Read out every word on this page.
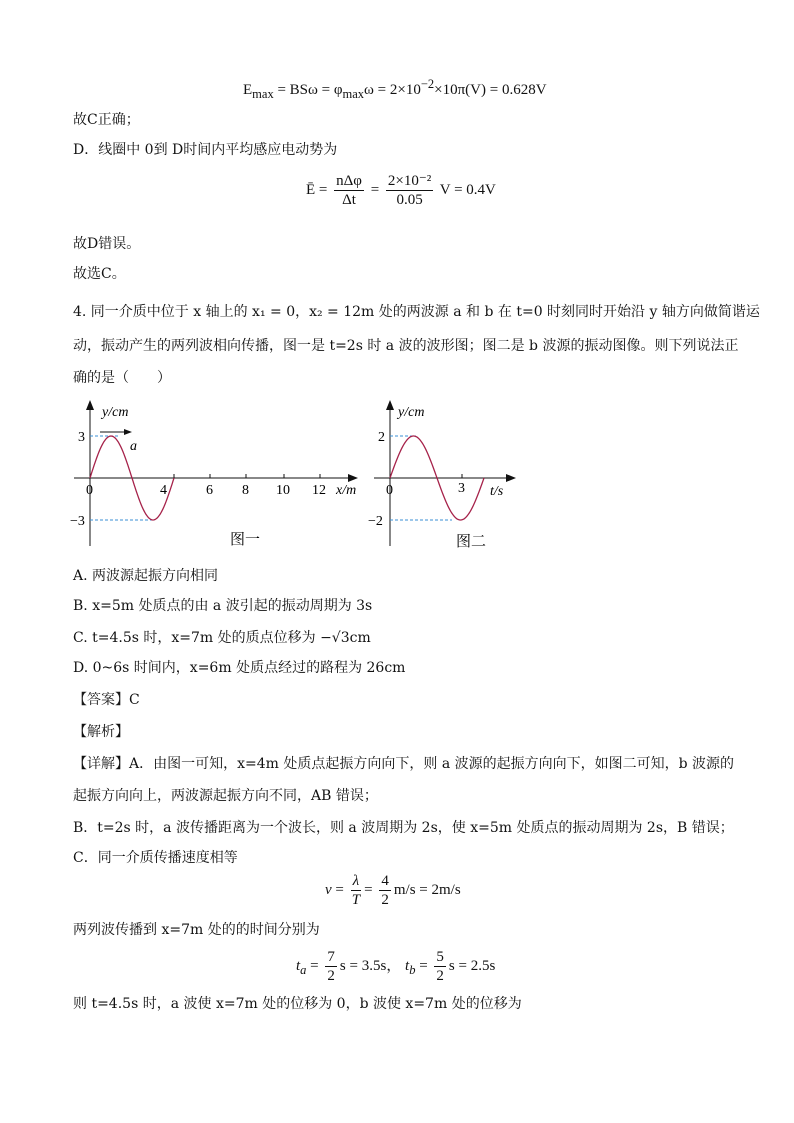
$E_{max} = BS\omega = \varphi_{max}\omega = 2\times 10^{-2}\times 10\pi(V) = 0.628V$
故C正确；
D．线圈中 0到 D时间内平均感应电动势为
Ē = $\frac{\text{nΔφ}}{\Delta t} = \frac{\text{2×10⁻²}}{0.05}$ V = 0.4V
故D错误。
故选C。
4. 同一介质中位于 x 轴上的 x₁ = 0，x₂ = 12m 处的两波源 a 和 b 在 t=0 时刻同时开始沿 y 轴方向做简谐运
动，振动产生的两列波相向传播，图一是 t=2s 时 a 波的波形图；图二是 b 波源的振动图像。则下列说法正
确的是（　　）
y/cm
3
−3
0
a
4	6 8 10 12 x/m
图一
y/cm
2
−2
0	3 t/s
图二
A. 两波源起振方向相同
B. x=5m 处质点的由 a 波引起的振动周期为 3s
C. t=4.5s 时，x=7m 处的质点位移为 −√3cm
D. 0~6s 时间内，x=6m 处质点经过的路程为 26cm
【答案】C
【解析】
【详解】A．由图一可知，x=4m 处质点起振方向向下，则 a 波源的起振方向向下，如图二可知，b 波源的
起振方向向上，两波源起振方向不同，AB 错误；
B．t=2s 时，a 波传播距离为一个波长，则 a 波周期为 2s，使 x=5m 处质点的振动周期为 2s，B 错误；
C．同一介质传播速度相等
$v = \frac{\lambda}{T} = \frac{4}{2} m/s = 2m/s$
两列波传播到 x=7m 处的的时间分别为
$t_a = \frac{7}{2}$ s = 3.5s， $t_b = \frac{5}{2}$ s = 2.5s
则 t=4.5s 时，a 波使 x=7m 处的位移为 0，b 波使 x=7m 处的位移为
